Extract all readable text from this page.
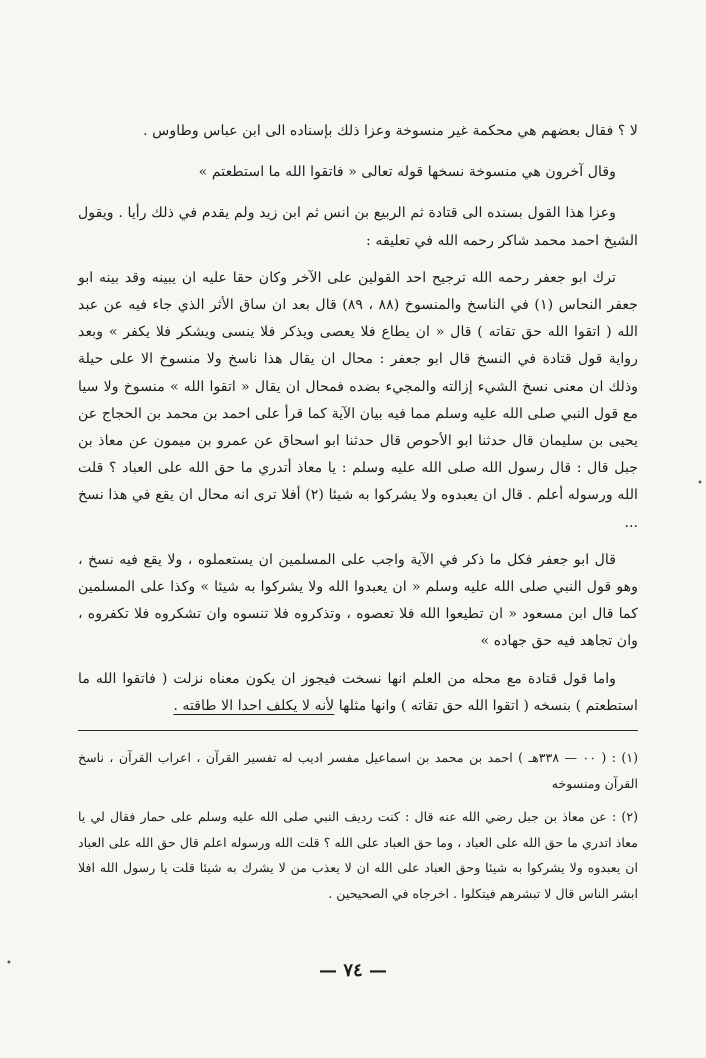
لا ؟ فقال بعضهم هي محكمة غير منسوخة وعزا ذلك بإسناده الى ابن عباس وطاوس .

وقال آخرون هي منسوخة نسخها قوله تعالى « فاتقوا الله ما استطعتم »

وعزا هذا القول بسنده الى قتادة ثم الربيع بن انس ثم ابن زيد ولم يقدم في ذلك رأيا . ويقول الشيخ احمد محمد شاكر رحمه الله في تعليقه :

ترك ابو جعفر رحمه الله ترجيح احد القولين على الآخر وكان حقا عليه ان يبينه وقد بينه ابو جعفر النحاس (١) في الناسخ والمنسوخ (٨٨ ، ٨٩) قال بعد ان ساق الأثر الذي جاء فيه عن عبد الله ( اتقوا الله حق تقاته ) قال « ان يطاع فلا يعصى ويذكر فلا ينسى ويشكر فلا يكفر » وبعد رواية قول قتادة في النسخ قال ابو جعفر : محال ان يقال هذا ناسخ ولا منسوخ الا على حيلة وذلك ان معنى نسخ الشيء إزالته والمجيء بضده فمحال ان يقال « اتقوا الله » منسوخ ولا سيا مع قول النبي صلى الله عليه وسلم مما فيه بيان الآية كما قرأ على احمد بن محمد بن الحجاج عن يحيى بن سليمان قال حدثنا ابو الأحوص قال حدثنا ابو اسحاق عن عمرو بن ميمون عن معاذ بن جبل قال : قال رسول الله صلى الله عليه وسلم : يا معاذ أتدري ما حق الله على العباد ؟ قلت الله ورسوله أعلم . قال ان يعبدوه ولا يشركوا به شيئا (٢) أفلا ترى انه محال ان يقع في هذا نسخ ...

قال ابو جعفر فكل ما ذكر في الآية واجب على المسلمين ان يستعملوه ، ولا يقع فيه نسخ ، وهو قول النبي صلى الله عليه وسلم « ان يعبدوا الله ولا يشركوا به شيئا » وكذا على المسلمين كما قال ابن مسعود « ان تطيعوا الله فلا تعصوه ، وتذكروه فلا تنسوه وان تشكروه فلا تكفروه ، وان تجاهد فيه حق جهاده »

واما قول قتادة مع محله من العلم انها نسخت فيجوز ان يكون معناه نزلت ( فاتقوا الله ما استطعتم ) بنسخه ( اتقوا الله حق تقاته ) وانها مثلها لأنه لا يكلف احدا الا طاقته .

(١) : ( ٠٠ — ٣٣٨هـ ) احمد بن محمد بن اسماعيل مفسر اديب له تفسير القرآن ، اعراب القرآن ، ناسخ القرآن ومنسوخه

(٢) : عن معاذ بن جبل رضي الله عنه قال : كنت رديف النبي صلى الله عليه وسلم على حمار فقال لي يا معاذ اتدري ما حق الله على العباد ، وما حق العباد على الله ؟ قلت الله ورسوله اعلم قال حق الله على العباد ان يعبدوه ولا يشركوا به شيئا وحق العباد على الله ان لا يعذب من لا يشرك به شيئا قلت يا رسول الله افلا ابشر الناس قال لا تبشرهم فيتكلوا . اخرجاه في الصحيحين .

— ٧٤ —
•
•
